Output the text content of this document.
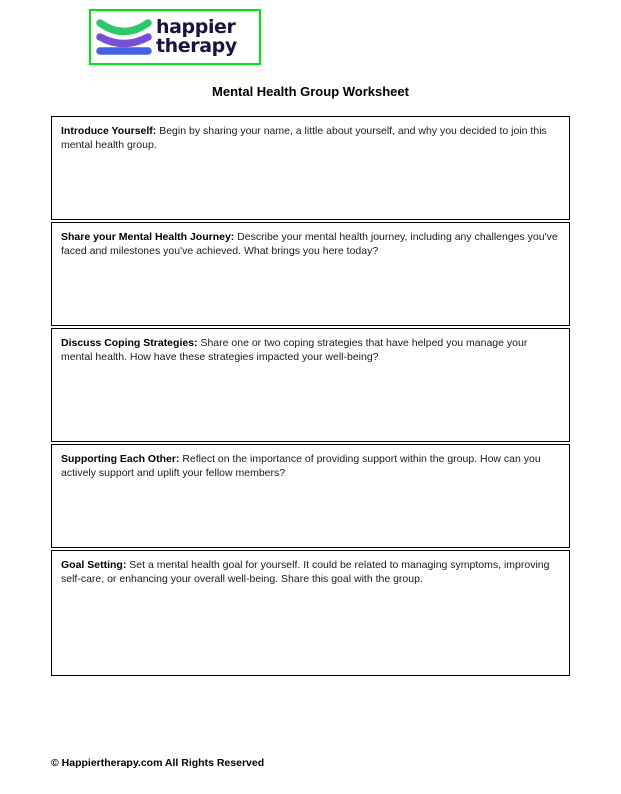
happier
therapy
Mental Health Group Worksheet
Introduce Yourself: Begin by sharing your name, a little about yourself, and why you decided to join this mental health group.
Share your Mental Health Journey: Describe your mental health journey, including any challenges you've faced and milestones you've achieved. What brings you here today?
Discuss Coping Strategies: Share one or two coping strategies that have helped you manage your mental health. How have these strategies impacted your well-being?
Supporting Each Other: Reflect on the importance of providing support within the group. How can you actively support and uplift your fellow members?
Goal Setting: Set a mental health goal for yourself. It could be related to managing symptoms, improving self-care, or enhancing your overall well-being. Share this goal with the group.
© Happiertherapy.com All Rights Reserved
